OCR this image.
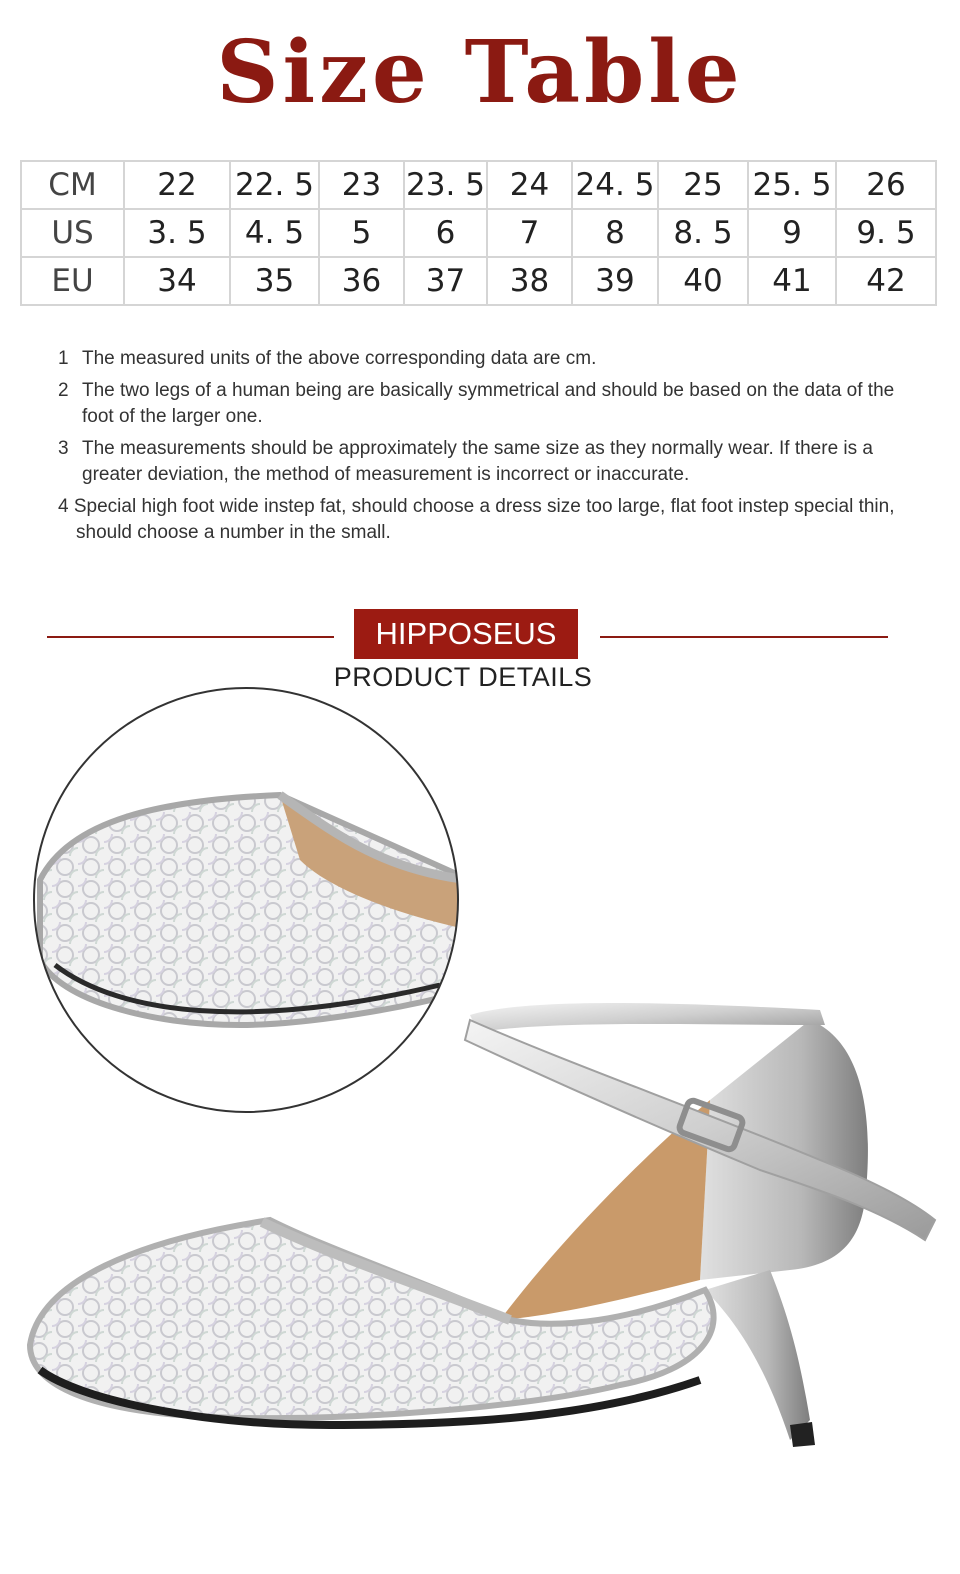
Size Table
CM	22	22. 5	23	23. 5	24	24. 5	25	25. 5	26
US	3. 5	4. 5	5	6	7	8	8. 5	9	9. 5
EU	34	35	36	37	38	39	40	41	42
1 The measured units of the above corresponding data are cm.
2 The two legs of a human being are basically symmetrical and should be based on the data of the foot of the larger one.
3 The measurements should be approximately the same size as they normally wear. If there is a greater deviation, the method of measurement is incorrect or inaccurate.
4 Special high foot wide instep fat, should choose a dress size too large, flat foot instep special thin, should choose a number in the small.
HIPPOSEUS
PRODUCT DETAILS
